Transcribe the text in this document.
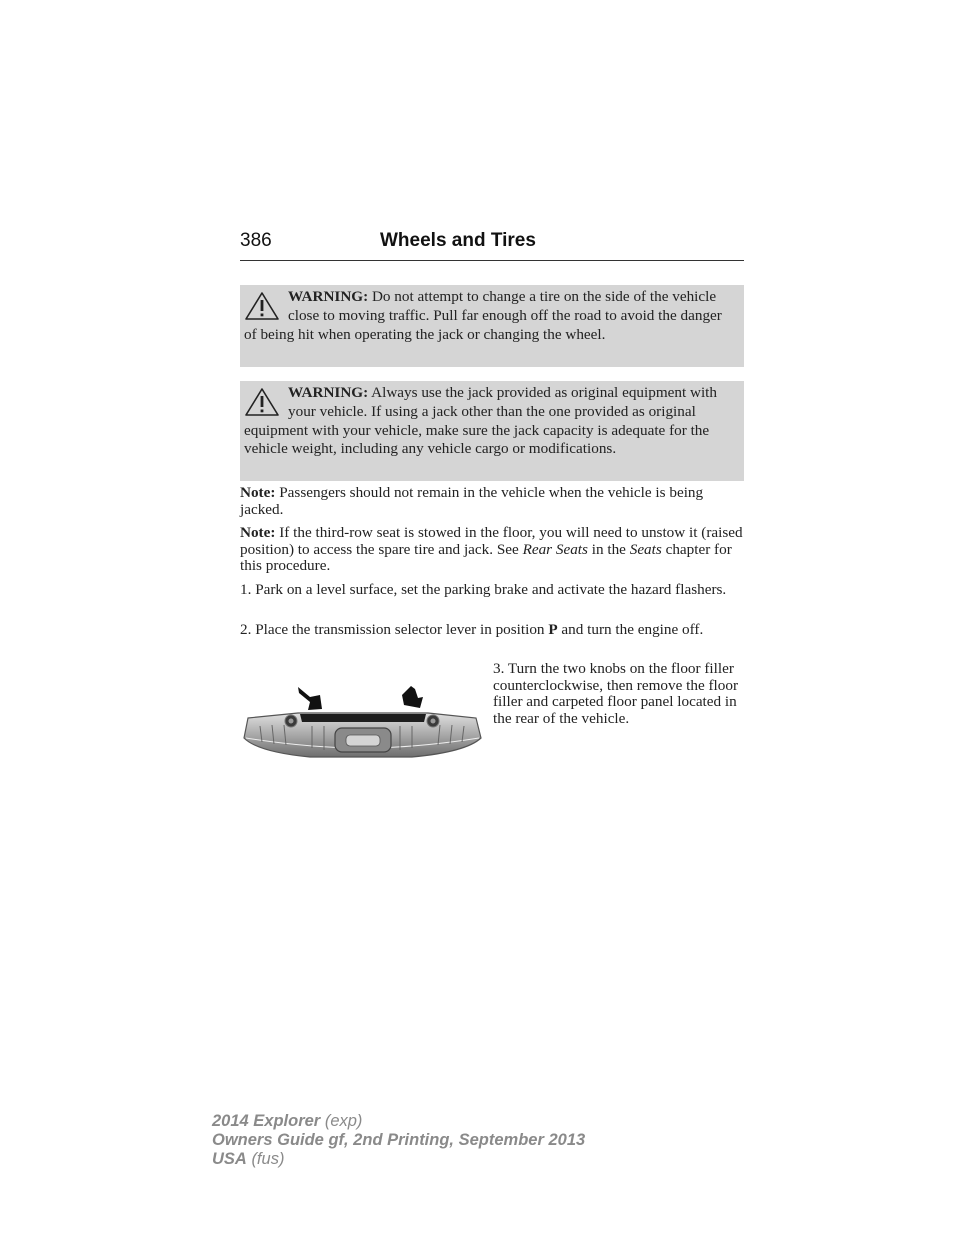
386	Wheels and Tires
WARNING: Do not attempt to change a tire on the side of the vehicle close to moving traffic. Pull far enough off the road to avoid the danger of being hit when operating the jack or changing the wheel.
WARNING: Always use the jack provided as original equipment with your vehicle. If using a jack other than the one provided as original equipment with your vehicle, make sure the jack capacity is adequate for the vehicle weight, including any vehicle cargo or modifications.
Note: Passengers should not remain in the vehicle when the vehicle is being jacked.
Note: If the third-row seat is stowed in the floor, you will need to unstow it (raised position) to access the spare tire and jack. See Rear Seats in the Seats chapter for this procedure.
1. Park on a level surface, set the parking brake and activate the hazard flashers.
2. Place the transmission selector lever in position P and turn the engine off.
3. Turn the two knobs on the floor filler counterclockwise, then remove the floor filler and carpeted floor panel located in the rear of the vehicle.
2014 Explorer (exp)
Owners Guide gf, 2nd Printing, September 2013
USA (fus)
